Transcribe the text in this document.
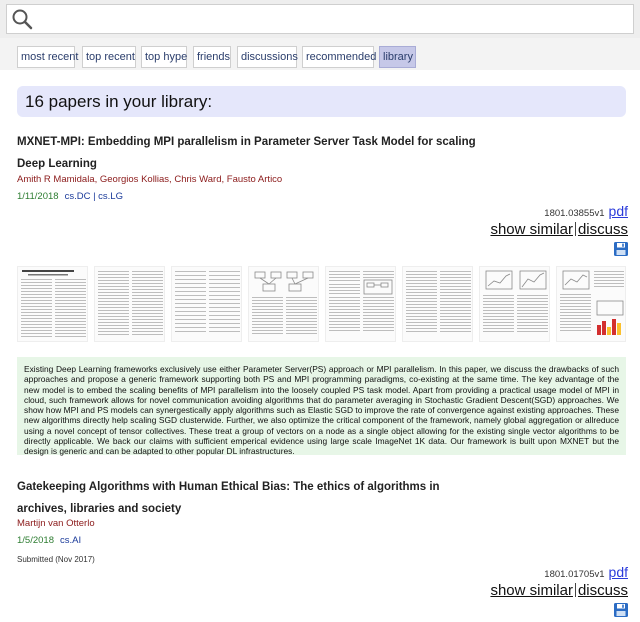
most recent top recent top hype friends discussions recommended library
16 papers in your library:
MXNET-MPI: Embedding MPI parallelism in Parameter Server Task Model for scaling Deep Learning
Amith R Mamidala, Georgios Kollias, Chris Ward, Fausto Artico
1/11/2018 cs.DC | cs.LG
1801.03855v1 pdf
show similar discuss
Existing Deep Learning frameworks exclusively use either Parameter Server(PS) approach or MPI parallelism. In this paper, we discuss the drawbacks of such approaches and propose a generic framework supporting both PS and MPI programming paradigms, co-existing at the same time. The key advantage of the new model is to embed the scaling benefits of MPI parallelism into the loosely coupled PS task model. Apart from providing a practical usage model of MPI in cloud, such framework allows for novel communication avoiding algorithms that do parameter averaging in Stochastic Gradient Descent(SGD) approaches. We show how MPI and PS models can synergestically apply algorithms such as Elastic SGD to improve the rate of convergence against existing approaches. These new algorithms directly help scaling SGD clusterwide. Further, we also optimize the critical component of the framework, namely global aggregation or allreduce using a novel concept of tensor collectives. These treat a group of vectors on a node as a single object allowing for the existing single vector algorithms to be directly applicable. We back our claims with sufficient emperical evidence using large scale ImageNet 1K data. Our framework is built upon MXNET but the design is generic and can be adapted to other popular DL infrastructures.
Gatekeeping Algorithms with Human Ethical Bias: The ethics of algorithms in archives, libraries and society
Martijn van Otterlo
1/5/2018 cs.AI
Submitted (Nov 2017)
1801.01705v1 pdf
show similar discuss
